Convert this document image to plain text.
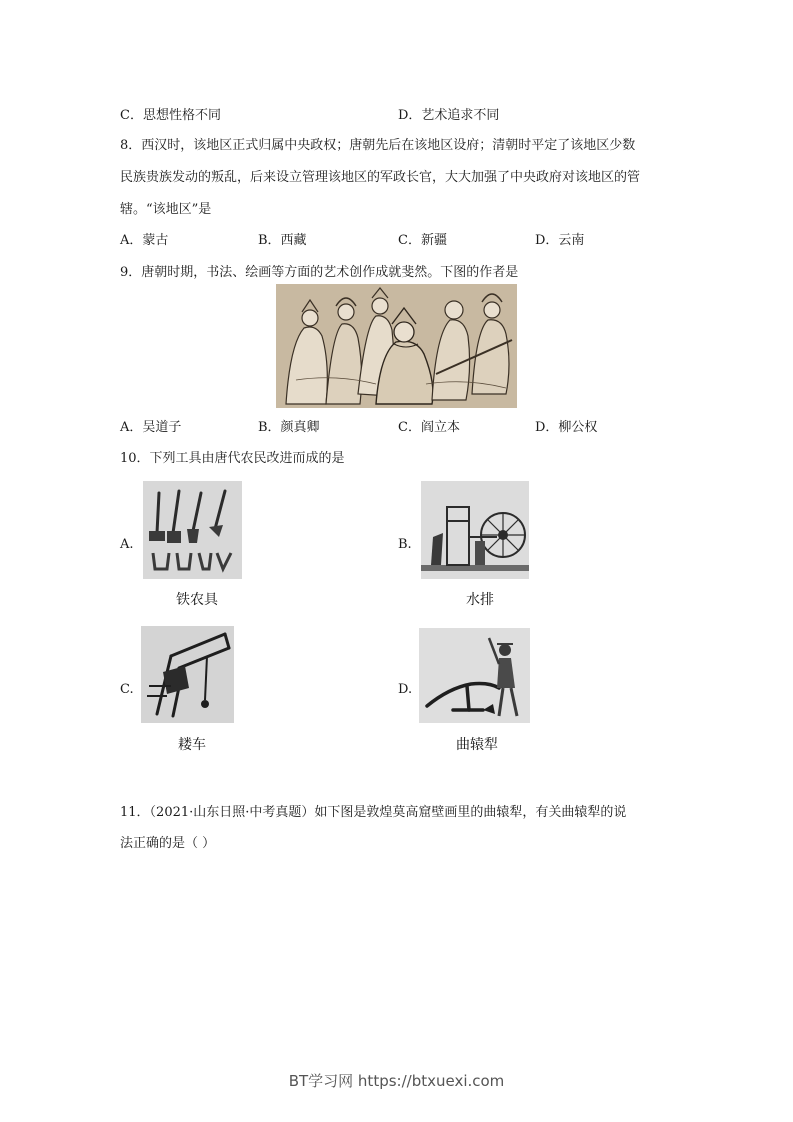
C．思想性格不同	D．艺术追求不同
8．西汉时，该地区正式归属中央政权；唐朝先后在该地区设府；清朝时平定了该地区少数
民族贵族发动的叛乱，后来设立管理该地区的军政长官，大大加强了中央政府对该地区的管
辖。“该地区”是
A．蒙古	B．西藏	C．新疆	D．云南
9．唐朝时期，书法、绘画等方面的艺术创作成就斐然。下图的作者是
A．吴道子	B．颜真卿	C．阎立本	D．柳公权
10．下列工具由唐代农民改进而成的是
A.
铁农具
B.
水排
C.
耧车
D.
曲辕犁
11．（2021·山东日照·中考真题）如下图是敦煌莫高窟壁画里的曲辕犁，有关曲辕犁的说
法正确的是（ ）
BT学习网 https://btxuexi.com
